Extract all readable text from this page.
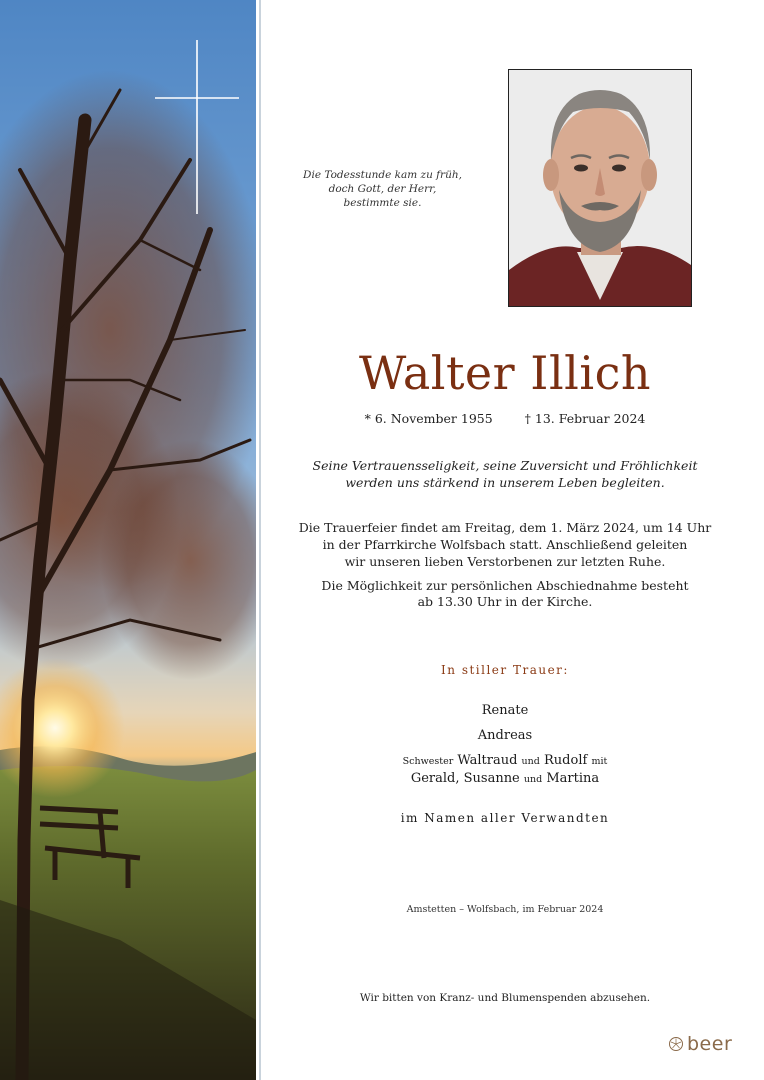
Die Todesstunde kam zu früh,
doch Gott, der Herr,
bestimmte sie.
Walter Illich
* 6. November 1955	† 13. Februar 2024
Seine Vertrauensseligkeit, seine Zuversicht und Fröhlichkeit
werden uns stärkend in unserem Leben begleiten.
Die Trauerfeier findet am Freitag, dem 1. März 2024, um 14 Uhr
in der Pfarrkirche Wolfsbach statt. Anschließend geleiten
wir unseren lieben Verstorbenen zur letzten Ruhe.
Die Möglichkeit zur persönlichen Abschiednahme besteht
ab 13.30 Uhr in der Kirche.
In stiller Trauer:
Renate
Andreas
Schwester Waltraud und Rudolf mit
Gerald, Susanne und Martina
im Namen aller Verwandten
Amstetten – Wolfsbach, im Februar 2024
Wir bitten von Kranz- und Blumenspenden abzusehen.
beer
